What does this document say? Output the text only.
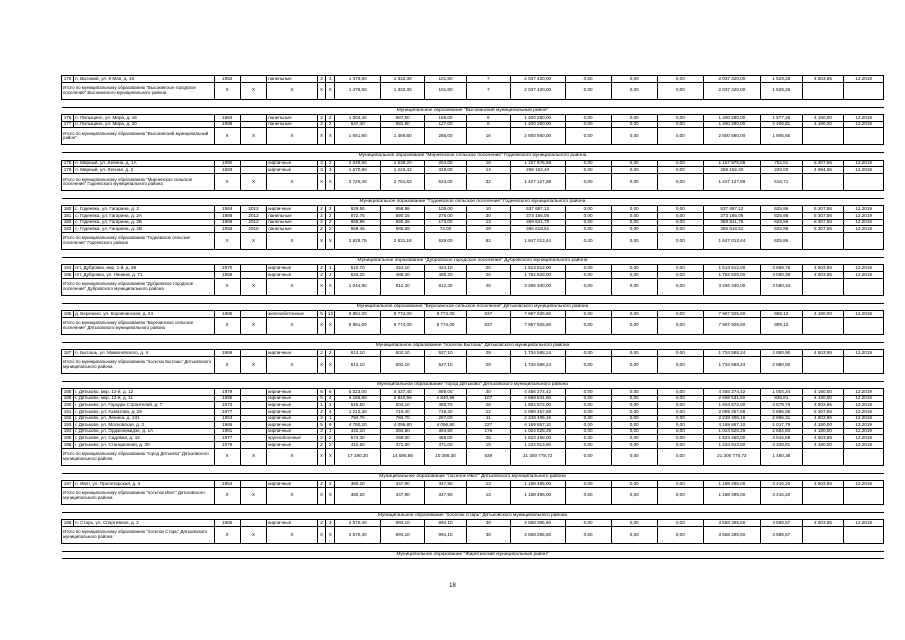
175	п. Высокий, ул. 9 Мая, д. 10	1982		панельные	3	3	1 476,60	1 332,30	101,80	7	2 037 420,00	0,00	0,00	0,00	2 037 420,00	1 529,25	4 503,95	12.2019
Итого по муниципальному образованию "Высокинское городское поселение" Высокинского муниципального района		X	X	X	X	X	1 476,60	1 332,30	101,80	7	2 037 420,00	0,00	0,00	0,00	2 037 420,00	1 529,25		

Муниципальное образование "Высокинский муниципальный район"																		
176	п. Пильщино, ул. Мира, д. 16	1984		панельные	2	2	1 004,40	887,80	159,00	8	1 400 280,00	0,00	0,00	0,00	1 400 280,00	1 577,25	4 180,00	12.2019
177	п. Пильщино, ул. Мира, д. 20	1986		панельные	2	2	647,40	581,80	127,00	8	1 400 280,00	0,00	0,00	0,00	1 400 280,00	2 406,81	4 180,00	12.2019
Итого по муниципальному образованию "Высокинский муниципальный район"		X	X	X	X	X	1 651,80	1 469,60	286,00	16	2 800 560,00	0,00	0,00	0,00	2 800 560,00	1 905,66		

Муниципальное образование "Мирненское сельское поселение" Годеевского муниципального района																		
178	п. Мирный, ул. Ленина, д. 1А	1990		кирпичные	3	2	2 049,60	1 538,20	204,00	18	1 157 975,58	0,00	0,00	0,00	1 157 975,58	752,81	5 307,56	12.2019
179	п. Мирный, ул. Лесная, д. 2	1993		кирпичные	3	3	1 670,80	1 223,42	319,00	14	269 152,40	0,00	0,00	0,00	269 152,40	220,00	4 984,66	12.2019
Итого по муниципальному образованию "Мирненское сельское поселение" Годеевского муниципального района		X	X	X	X	X	3 720,40	2 761,62	523,00	32	1 427 127,98	0,00	0,00	0,00	1 427 127,98	516,71		

Муниципальное образование "Годеевское сельское поселение" Годеевского муниципального района																		
180	с. Годеевка, ул. Гагарина, д. 2	1984	2012	кирпичные	2	3	929,56	858,98	105,00	10	537 687,12	0,00	0,00	0,00	537 687,12	625,96	5 307,56	12.2019
181	с. Годеевка, ул. Гагарина, д. 2А	1988	2012	панельные	2	2	672,75	590,15	276,00	30	373 166,06	0,00	0,00	0,00	373 166,06	625,96	5 307,56	12.2019
182	с. Годеевка, ул. Гагарина, д. 2Б	1986	2012	панельные	2	2	666,96	590,36	173,00	13	369 541,75	0,00	0,00	0,00	369 541,75	625,96	5 307,56	12.2019
183	с. Годеевка, ул. Гагарина, д. 2В	1993	2016	панельные	2	2	659,46	585,69	74,00	29	366 618,51	0,00	0,00	0,00	366 618,51	625,96	5 307,56	12.2019
Итого по муниципальному образованию "Годеевское сельское поселение" Годеевского района		X	X	X	X	X	2 928,78	2 631,18	628,00	82	1 647 013,44	0,00	0,00	0,00	1 647 013,44	625,96		

Муниципальное образование "Дубровское городское поселение" Дубровского муниципального района																		
184	пгт. Дубровка, мкр. 1-й, д. 38	1970		кирпичные	2	1	510,70	424,10	424,10	20	1 513 512,00	0,00	0,00	0,00	1 513 512,00	3 568,76	4 503,95	12.2019
185	пгт. Дубровка, ул. Ленина, д. 71	1956		кирпичные	2	2	534,20	488,20	488,20	20	1 752 828,00	0,00	0,00	0,00	1 752 828,00	3 590,39	4 503,95	12.2019
Итого по муниципальному образованию "Дубровское городское поселение" Дубровского муниципального района		X	X	X	X	X	1 044,90	912,30	912,30	40	3 266 340,00	0,00	0,00	0,00	3 266 340,00	3 580,34		

Муниципальное образование "Березинское сельское поселение" Дятьковского муниципального района																		
186	д. Березино, ул. Коровчинская, д. 24	1985		железобетонные	5	13	9 951,00	8 774,00	8 774,00	637	7 967 925,60	0,00	0,00	0,00	7 967 925,60	908,13	4 180,00	12.2019
Итого по муниципальному образованию "Березинское сельское поселение" Дятьковского муниципального района		X	X	X	X	X	9 951,00	8 774,00	8 774,00	637	7 967 925,60	0,00	0,00	0,00	7 967 925,60	908,13		

Муниципальное образование "поселок Бытошь" Дятьковского муниципального района																		
187	п. Бытошь, ул. Мамоновского, д. 4	1966		кирпичные	2	2	613,10	602,10	527,10	29	1 734 588,24	0,00	0,00	0,00	1 734 588,24	2 880,90	4 503,95	12.2019
Итого по муниципальному образованию "поселок Бытошь" Дятьковского муниципального района		X	X	X	X	X	613,10	602,10	527,10	29	1 734 588,24	0,00	0,00	0,00	1 734 588,24	2 880,90		

Муниципальное образование "город Дятьково" Дятьковского муниципального района																		
188	г. Дятьково, мкр. 12-й, д. 12	1979		кирпичные	5	6	5 323,00	4 437,40	869,00	40	4 456 274,42	0,00	0,00	0,00	4 456 274,42	1 004,24	4 180,00	12.2019
189	г. Дятьково, мкр. 12-й, д. 11	1995		кирпичные	5	4	3 156,80	2 840,96	2 840,96	107	2 658 531,60	0,00	0,00	0,00	2 658 531,60	935,81	4 180,00	12.2019
190	г. Дятьково, ул. Городок Строителей, д. 7	1973		кирпичные	1	1	515,50	504,10	380,70	26	1 804 572,00	0,00	0,00	0,00	1 804 572,00	3 579,79	4 503,95	12.2019
191	г. Дятьково, ул. Ахматова, д. 29	1977		кирпичные	2	4	1 212,30	716,40	716,40	12	2 089 457,68	0,00	0,00	0,00	2 089 457,68	2 895,96	5 307,56	12.2019
192	г. Дятьково, ул. Ленина, д. 131	1953		кирпичные	2	1	794,70	784,70	267,00	11	2 248 406,16	0,00	0,00	0,00	2 248 406,16	2 865,31	4 503,95	12.2019
193	г. Дятьково, ул. Московская, д. 3	1986		кирпичные	5	6	4 760,20	4 096,80	4 096,80	227	4 169 867,10	0,00	0,00	0,00	4 169 867,10	1 017,79	4 180,00	12.2019
194	г. Дятьково, ул. Орджоникидзе, д. 1А	1981		кирпичные	2	1	442,10	394,50	394,50	176	1 024 528,29	0,00	0,00	0,00	1 024 528,29	2 664,60	4 180,00	12.2019
195	г. Дятьково, ул. Садовая, д. 15	1977		крупноблочные	2	2	573,30	458,00	458,00	25	1 623 468,00	0,00	0,00	0,00	1 623 468,00	3 544,69	4 503,95	12.2019
196	г. Дятьково, ул. Станционная, д. 30	1976		кирпичные	2	2	412,60	371,00	371,00	15	1 234 913,60	0,00	0,00	0,00	1 234 913,60	3 328,61	4 180,00	12.2019
Итого по муниципальному образованию "город Дятьково" Дятьковского муниципального района		X	X	X	X	X	17 190,30	14 585,86	10 386,30	639	21 300 778,72	0,00	0,00	0,00	21 300 778,72	1 460,38		

Муниципальное образование "поселок Ивот" Дятьковского муниципального района																		
197	п. Ивот, ул. Пролетарская, д. 4	1954		кирпичные	2	2	380,20	347,90	347,90	13	1 188 495,00	0,00	0,00	0,00	1 188 495,00	3 416,20	4 503,95	12.2019
Итого по муниципальному образованию "поселок Ивот" Дятьковского муниципального района		X	X	X	X	X	380,20	347,90	347,90	13	1 188 495,00	0,00	0,00	0,00	1 188 495,00	3 416,20		

Муниципальное образование "поселок Старь" Дятьковского муниципального района																		
198	п. Старь, ул. Спортивная, д. 2	1985		кирпичные	2	3	2 570,40	994,10	994,10	38	3 568 395,60	0,00	0,00	0,00	3 568 395,60	3 589,57	4 503,95	12.2019
Итого по муниципальному образованию "поселок Старь" Дятьковского муниципального района		X	X	X	X	X	2 570,40	994,10	994,10	38	3 568 395,60	0,00	0,00	0,00	3 568 395,60	3 589,57		

Муниципальное образование "Жирятинский муниципальный район"																		
18
